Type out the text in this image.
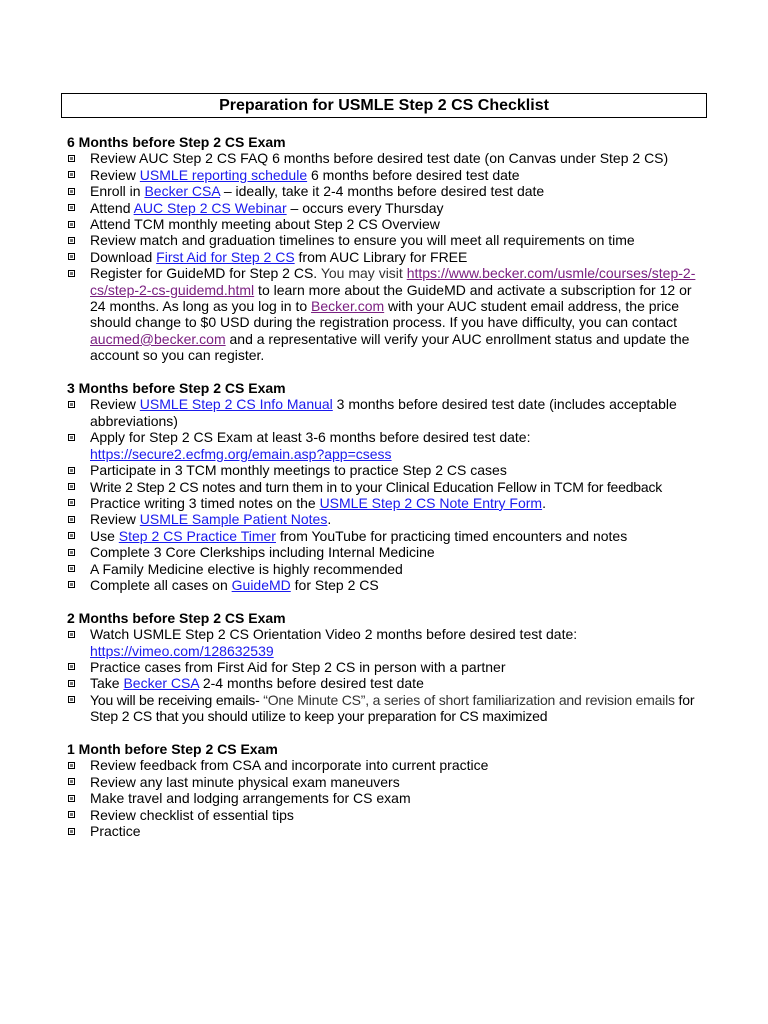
Preparation for USMLE Step 2 CS Checklist

6 Months before Step 2 CS Exam

Review AUC Step 2 CS FAQ 6 months before desired test date (on Canvas under Step 2 CS)
Review USMLE reporting schedule 6 months before desired test date
Enroll in Becker CSA – ideally, take it 2-4 months before desired test date
Attend AUC Step 2 CS Webinar – occurs every Thursday
Attend TCM monthly meeting about Step 2 CS Overview
Review match and graduation timelines to ensure you will meet all requirements on time
Download First Aid for Step 2 CS from AUC Library for FREE
Register for GuideMD for Step 2 CS. You may visit https://www.becker.com/usmle/courses/step-2-cs/step-2-cs-guidemd.html to learn more about the GuideMD and activate a subscription for 12 or 24 months. As long as you log in to Becker.com with your AUC student email address, the price should change to $0 USD during the registration process. If you have difficulty, you can contact aucmed@becker.com and a representative will verify your AUC enrollment status and update the account so you can register.

3 Months before Step 2 CS Exam

Review USMLE Step 2 CS Info Manual 3 months before desired test date (includes acceptable abbreviations)
Apply for Step 2 CS Exam at least 3-6 months before desired test date: https://secure2.ecfmg.org/emain.asp?app=csess
Participate in 3 TCM monthly meetings to practice Step 2 CS cases
Write 2 Step 2 CS notes and turn them in to your Clinical Education Fellow in TCM for feedback
Practice writing 3 timed notes on the USMLE Step 2 CS Note Entry Form.
Review USMLE Sample Patient Notes.
Use Step 2 CS Practice Timer from YouTube for practicing timed encounters and notes
Complete 3 Core Clerkships including Internal Medicine
A Family Medicine elective is highly recommended
Complete all cases on GuideMD for Step 2 CS

2 Months before Step 2 CS Exam

Watch USMLE Step 2 CS Orientation Video 2 months before desired test date: https://vimeo.com/128632539
Practice cases from First Aid for Step 2 CS in person with a partner
Take Becker CSA 2-4 months before desired test date
You will be receiving emails- “One Minute CS”, a series of short familiarization and revision emails for Step 2 CS that you should utilize to keep your preparation for CS maximized

1 Month before Step 2 CS Exam

Review feedback from CSA and incorporate into current practice
Review any last minute physical exam maneuvers
Make travel and lodging arrangements for CS exam
Review checklist of essential tips
Practice
